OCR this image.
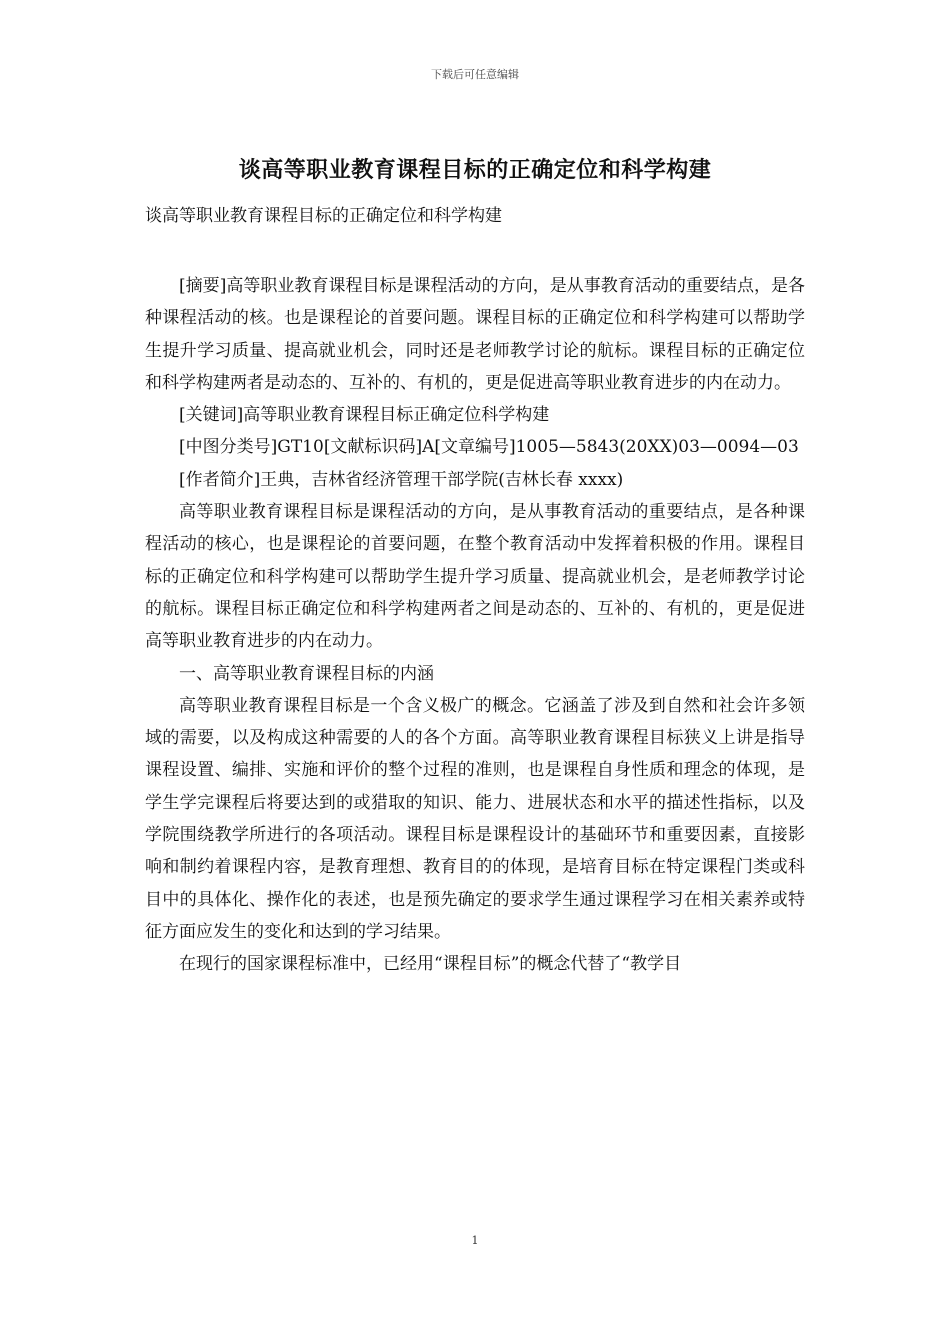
下载后可任意编辑
谈高等职业教育课程目标的正确定位和科学构建
谈高等职业教育课程目标的正确定位和科学构建

[摘要]高等职业教育课程目标是课程活动的方向，是从事教育活动的重要结点，是各种课程活动的核。也是课程论的首要问题。课程目标的正确定位和科学构建可以帮助学生提升学习质量、提高就业机会，同时还是老师教学讨论的航标。课程目标的正确定位和科学构建两者是动态的、互补的、有机的，更是促进高等职业教育进步的内在动力。

[关键词]高等职业教育课程目标正确定位科学构建

[中图分类号]GT10[文献标识码]A[文章编号]1005—5843(20XX)03—0094—03

[作者简介]王典，吉林省经济管理干部学院(吉林长春 xxxx)

高等职业教育课程目标是课程活动的方向，是从事教育活动的重要结点，是各种课程活动的核心，也是课程论的首要问题，在整个教育活动中发挥着积极的作用。课程目标的正确定位和科学构建可以帮助学生提升学习质量、提高就业机会，是老师教学讨论的航标。课程目标正确定位和科学构建两者之间是动态的、互补的、有机的，更是促进高等职业教育进步的内在动力。

一、高等职业教育课程目标的内涵

高等职业教育课程目标是一个含义极广的概念。它涵盖了涉及到自然和社会许多领域的需要，以及构成这种需要的人的各个方面。高等职业教育课程目标狭义上讲是指导课程设置、编排、实施和评价的整个过程的准则，也是课程自身性质和理念的体现，是学生学完课程后将要达到的或猎取的知识、能力、进展状态和水平的描述性指标，以及学院围绕教学所进行的各项活动。课程目标是课程设计的基础环节和重要因素，直接影响和制约着课程内容，是教育理想、教育目的的体现，是培育目标在特定课程门类或科目中的具体化、操作化的表述，也是预先确定的要求学生通过课程学习在相关素养或特征方面应发生的变化和达到的学习结果。

在现行的国家课程标准中，已经用“课程目标”的概念代替了“教学目

1
